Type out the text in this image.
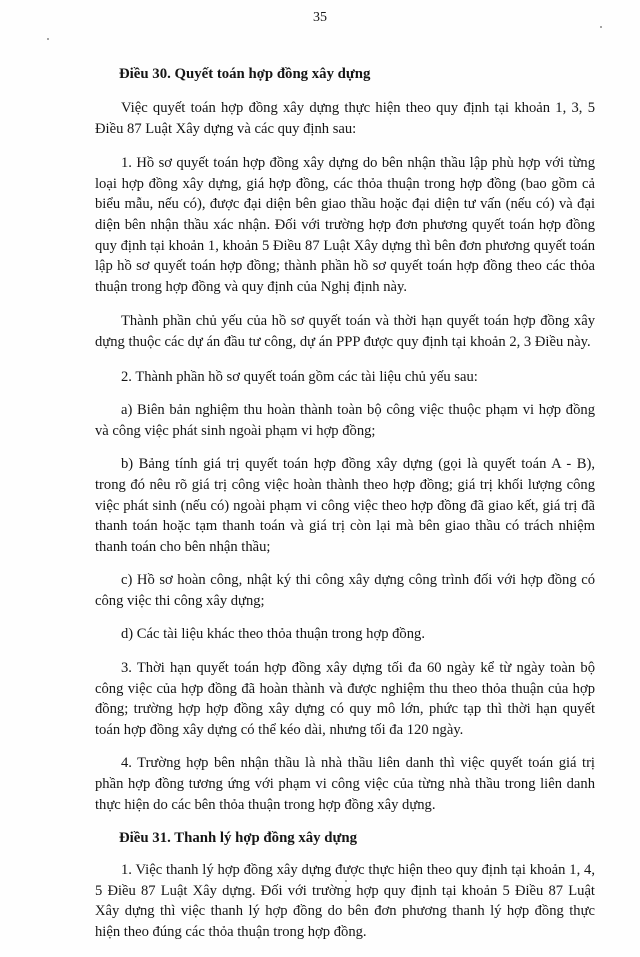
35
Điều 30. Quyết toán hợp đồng xây dựng

Việc quyết toán hợp đồng xây dựng thực hiện theo quy định tại khoản 1, 3, 5 Điều 87 Luật Xây dựng và các quy định sau:

1. Hồ sơ quyết toán hợp đồng xây dựng do bên nhận thầu lập phù hợp với từng loại hợp đồng xây dựng, giá hợp đồng, các thỏa thuận trong hợp đồng (bao gồm cả biểu mẫu, nếu có), được đại diện bên giao thầu hoặc đại diện tư vấn (nếu có) và đại diện bên nhận thầu xác nhận. Đối với trường hợp đơn phương quyết toán hợp đồng quy định tại khoản 1, khoản 5 Điều 87 Luật Xây dựng thì bên đơn phương quyết toán lập hồ sơ quyết toán hợp đồng; thành phần hồ sơ quyết toán hợp đồng theo các thỏa thuận trong hợp đồng và quy định của Nghị định này.

Thành phần chủ yếu của hồ sơ quyết toán và thời hạn quyết toán hợp đồng xây dựng thuộc các dự án đầu tư công, dự án PPP được quy định tại khoản 2, 3 Điều này.

2. Thành phần hồ sơ quyết toán gồm các tài liệu chủ yếu sau:

a) Biên bản nghiệm thu hoàn thành toàn bộ công việc thuộc phạm vi hợp đồng và công việc phát sinh ngoài phạm vi hợp đồng;

b) Bảng tính giá trị quyết toán hợp đồng xây dựng (gọi là quyết toán A - B), trong đó nêu rõ giá trị công việc hoàn thành theo hợp đồng; giá trị khối lượng công việc phát sinh (nếu có) ngoài phạm vi công việc theo hợp đồng đã giao kết, giá trị đã thanh toán hoặc tạm thanh toán và giá trị còn lại mà bên giao thầu có trách nhiệm thanh toán cho bên nhận thầu;

c) Hồ sơ hoàn công, nhật ký thi công xây dựng công trình đối với hợp đồng có công việc thi công xây dựng;

d) Các tài liệu khác theo thỏa thuận trong hợp đồng.

3. Thời hạn quyết toán hợp đồng xây dựng tối đa 60 ngày kể từ ngày toàn bộ công việc của hợp đồng đã hoàn thành và được nghiệm thu theo thỏa thuận của hợp đồng; trường hợp hợp đồng xây dựng có quy mô lớn, phức tạp thì thời hạn quyết toán hợp đồng xây dựng có thể kéo dài, nhưng tối đa 120 ngày.

4. Trường hợp bên nhận thầu là nhà thầu liên danh thì việc quyết toán giá trị phần hợp đồng tương ứng với phạm vi công việc của từng nhà thầu trong liên danh thực hiện do các bên thỏa thuận trong hợp đồng xây dựng.

Điều 31. Thanh lý hợp đồng xây dựng

1. Việc thanh lý hợp đồng xây dựng được thực hiện theo quy định tại khoản 1, 4, 5 Điều 87 Luật Xây dựng. Đối với trường hợp quy định tại khoản 5 Điều 87 Luật Xây dựng thì việc thanh lý hợp đồng do bên đơn phương thanh lý hợp đồng thực hiện theo đúng các thỏa thuận trong hợp đồng.
